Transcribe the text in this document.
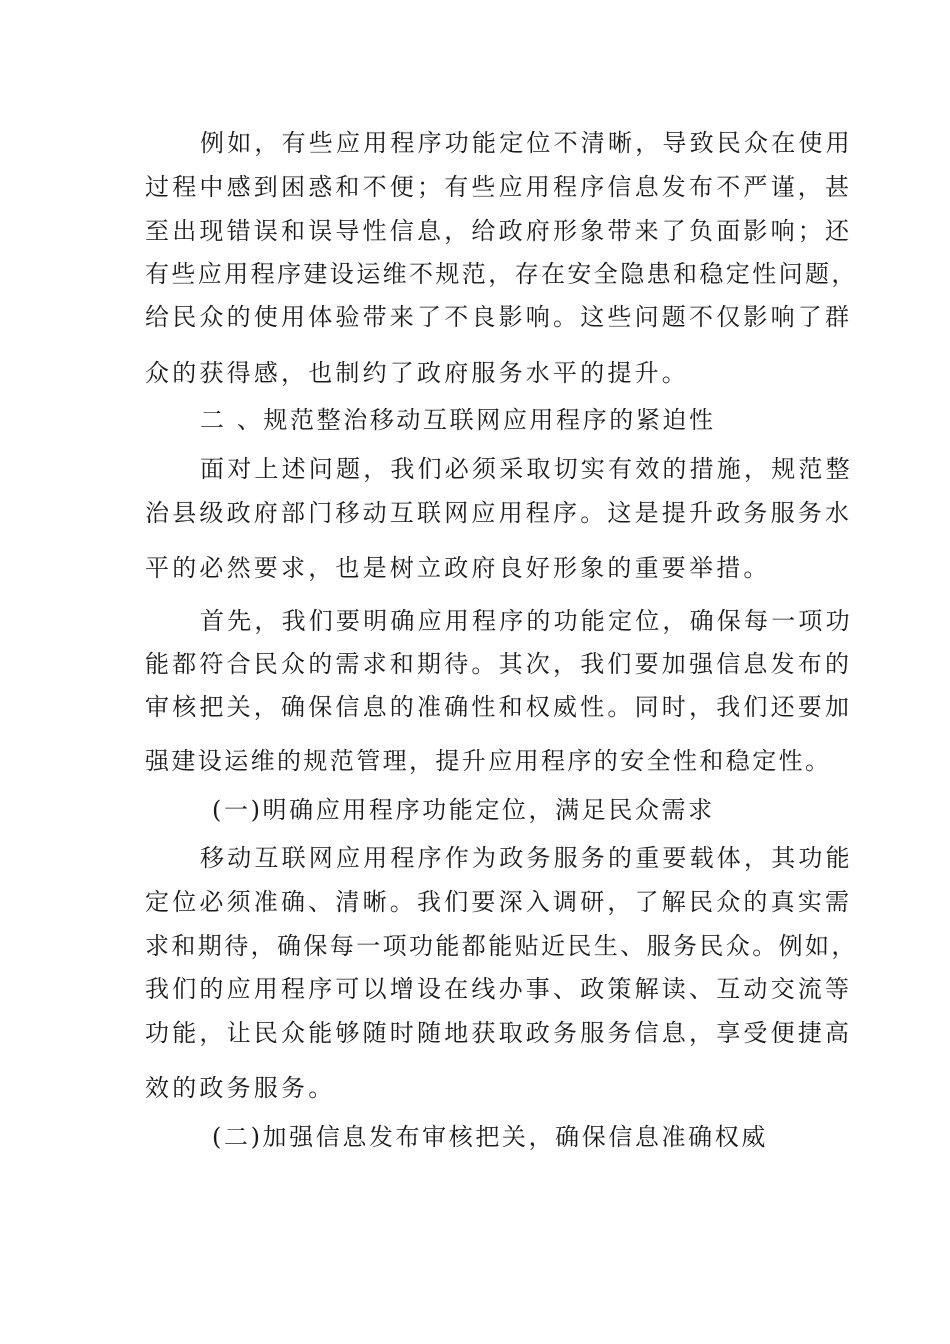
例如，有些应用程序功能定位不清晰，导致民众在使用
过程中感到困惑和不便；有些应用程序信息发布不严谨，甚
至出现错误和误导性信息，给政府形象带来了负面影响；还
有些应用程序建设运维不规范，存在安全隐患和稳定性问题，
给民众的使用体验带来了不良影响。这些问题不仅影响了群
众的获得感，也制约了政府服务水平的提升。
二 、规范整治移动互联网应用程序的紧迫性
面对上述问题，我们必须采取切实有效的措施，规范整
治县级政府部门移动互联网应用程序。这是提升政务服务水
平的必然要求，也是树立政府良好形象的重要举措。
首先，我们要明确应用程序的功能定位，确保每一项功
能都符合民众的需求和期待。其次，我们要加强信息发布的
审核把关，确保信息的准确性和权威性。同时，我们还要加
强建设运维的规范管理，提升应用程序的安全性和稳定性。
(一)明确应用程序功能定位，满足民众需求
移动互联网应用程序作为政务服务的重要载体，其功能
定位必须准确、清晰。我们要深入调研，了解民众的真实需
求和期待，确保每一项功能都能贴近民生、服务民众。例如，
我们的应用程序可以增设在线办事、政策解读、互动交流等
功能，让民众能够随时随地获取政务服务信息，享受便捷高
效的政务服务。
(二)加强信息发布审核把关，确保信息准确权威
